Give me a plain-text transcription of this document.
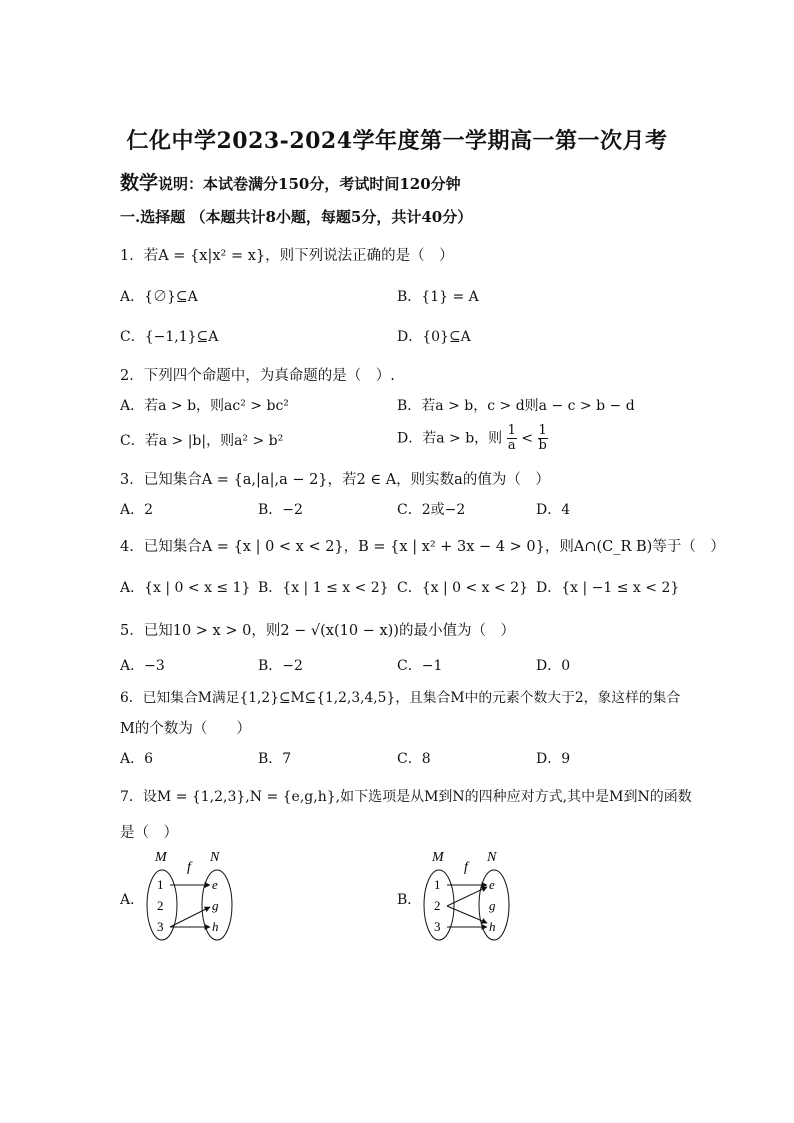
仁化中学2023-2024学年度第一学期高一第一次月考
数学说明：本试卷满分150分，考试时间120分钟
一.选择题 （本题共计8小题，每题5分，共计40分）
1．若A = {x|x² = x}，则下列说法正确的是（　）
A．{∅}⊆A	B．{1} = A
C．{−1,1}⊆A	D．{0}⊆A
2．下列四个命题中，为真命题的是（　）.
A．若a > b，则ac² > bc²	B．若a > b，c > d则a − c > b − d
C．若a > |b|，则a² > b²	D．若a > b，则 $\frac{1}{a} < \frac{1}{b}$
3．已知集合A = {a,|a|,a − 2}，若2 ∈ A，则实数a的值为（　）
A．2	B．−2	C．2或−2	D．4
4．已知集合A = {x | 0 < x < 2}，B = {x | x² + 3x − 4 > 0}，则A∩(C_R B)等于（　）
A．{x | 0 < x ≤ 1} B．{x | 1 ≤ x < 2} C．{x | 0 < x < 2} D．{x | −1 ≤ x < 2}
5．已知10 > x > 0，则2 − √(x(10 − x))的最小值为（　）
A．−3	B．−2	C．−1	D．0
6．已知集合M满足{1,2}⊆M⊆{1,2,3,4,5}，且集合M中的元素个数大于2，象这样的集合
M的个数为（　　）
A．6	B．7	C．8	D．9
7．设M = {1,2,3},N = {e,g,h},如下选项是从M到N的四种应对方式,其中是M到N的函数
是（　）
A．	B．
M
f
N
1
2
3
e
g
h
M
f
N
1
2
3
e
g
h
